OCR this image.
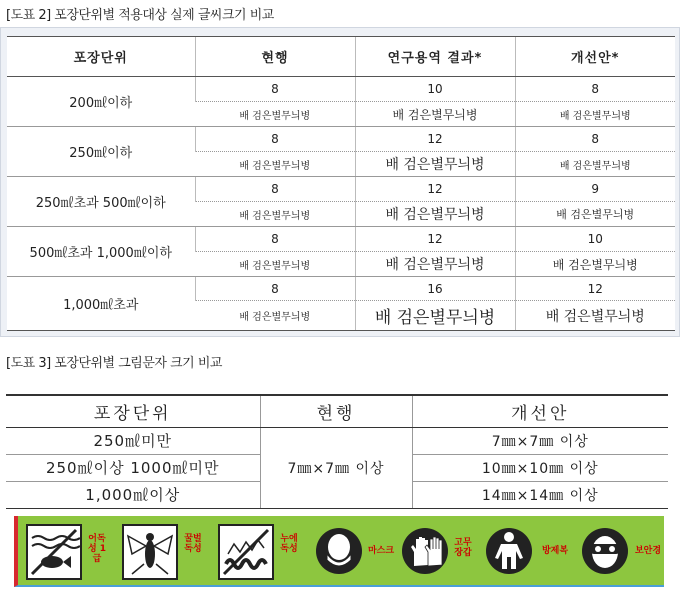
[도표 2] 포장단위별 적용대상 실제 글씨크기 비교
포장단위	현행	연구용역 결과*	개선안*
200㎖이하	8	10	8
	배 검은별무늬병	배 검은별무늬병	배 검은별무늬병
250㎖이하	8	12	8
	배 검은별무늬병	배 검은별무늬병	배 검은별무늬병
250㎖초과 500㎖이하	8	12	9
	배 검은별무늬병	배 검은별무늬병	배 검은별무늬병
500㎖초과 1,000㎖이하	8	12	10
	배 검은별무늬병	배 검은별무늬병	배 검은별무늬병
1,000㎖초과	8	16	12
	배 검은별무늬병	배 검은별무늬병	배 검은별무늬병
[도표 3] 포장단위별 그림문자 크기 비교
포장단위	현행	개선안
250㎖미만	7㎜×7㎜ 이상	7㎜×7㎜ 이상
250㎖이상 1000㎖미만		10㎜×10㎜ 이상
1,000㎖이상		14㎜×14㎜ 이상
어독성 1급
꿀벌 독성
누에 독성	마스크
고무 장갑	방제복	보안경
